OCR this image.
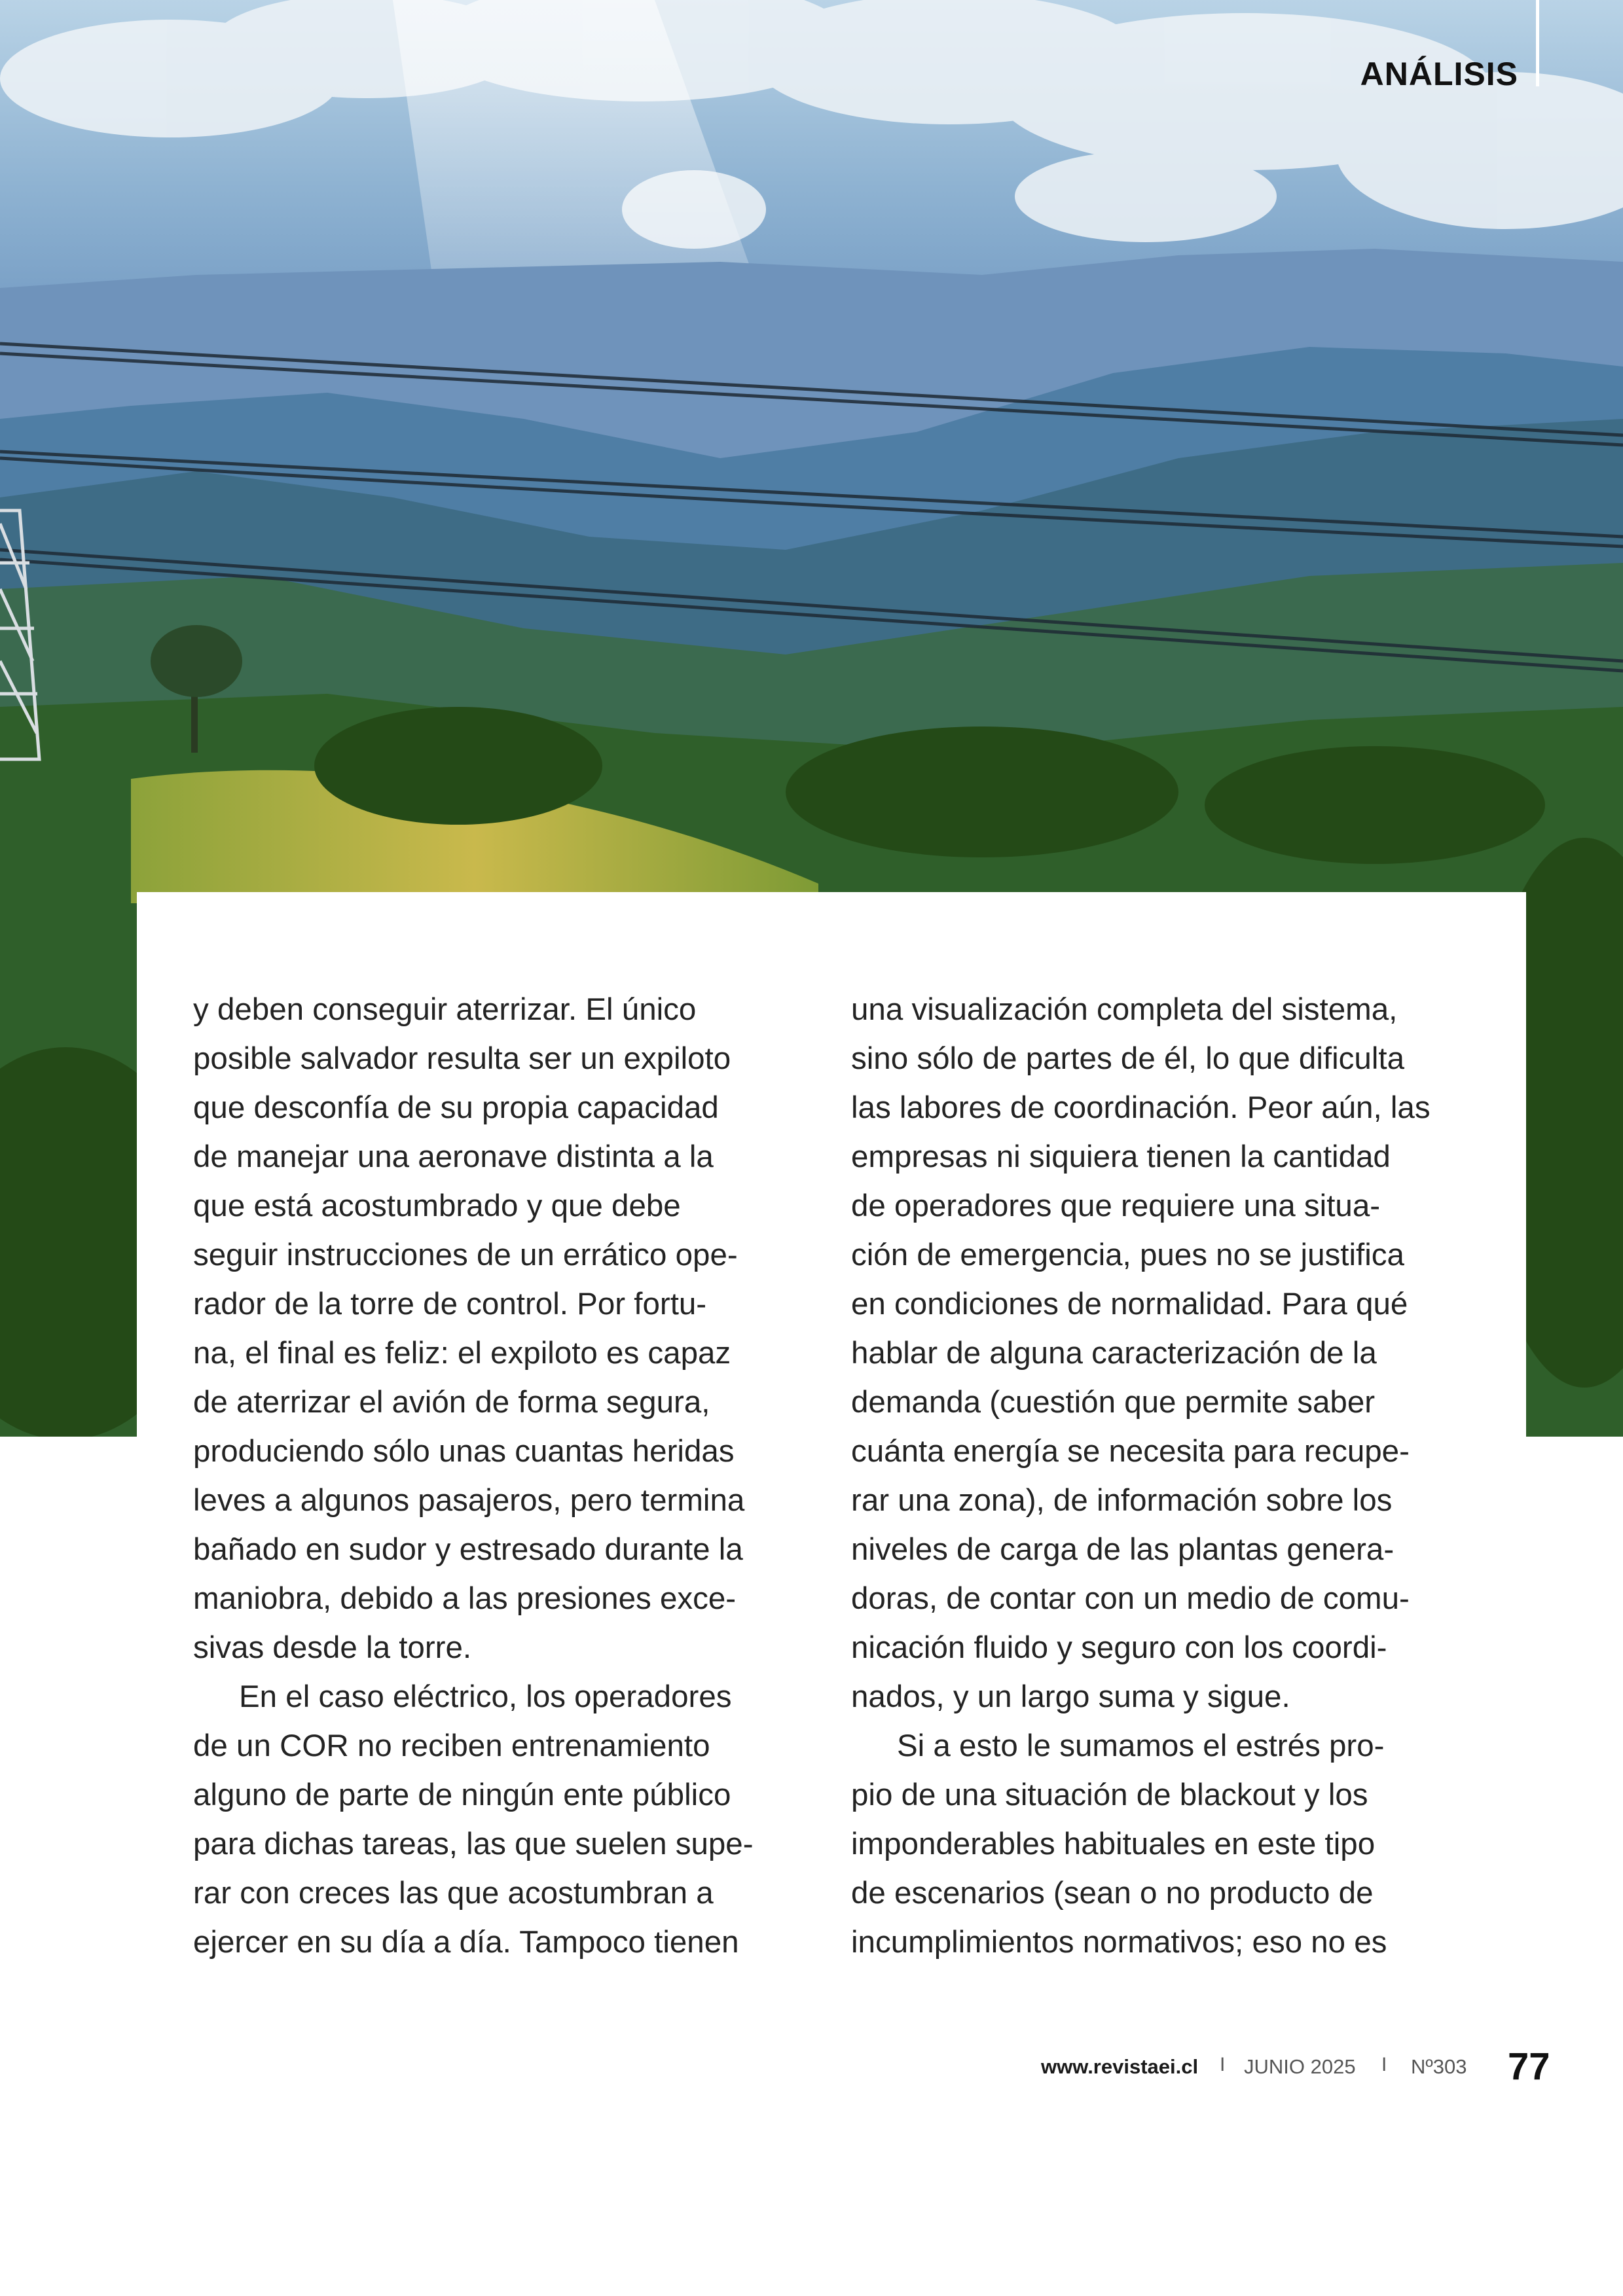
ANÁLISIS
y deben conseguir aterrizar. El único
posible salvador resulta ser un expiloto
que desconfía de su propia capacidad
de manejar una aeronave distinta a la
que está acostumbrado y que debe
seguir instrucciones de un errático ope-
rador de la torre de control. Por fortu-
na, el final es feliz: el expiloto es capaz
de aterrizar el avión de forma segura,
produciendo sólo unas cuantas heridas
leves a algunos pasajeros, pero termina
bañado en sudor y estresado durante la
maniobra, debido a las presiones exce-
sivas desde la torre.
En el caso eléctrico, los operadores
de un COR no reciben entrenamiento
alguno de parte de ningún ente público
para dichas tareas, las que suelen supe-
rar con creces las que acostumbran a
ejercer en su día a día. Tampoco tienen
una visualización completa del sistema,
sino sólo de partes de él, lo que dificulta
las labores de coordinación. Peor aún, las
empresas ni siquiera tienen la cantidad
de operadores que requiere una situa-
ción de emergencia, pues no se justifica
en condiciones de normalidad. Para qué
hablar de alguna caracterización de la
demanda (cuestión que permite saber
cuánta energía se necesita para recupe-
rar una zona), de información sobre los
niveles de carga de las plantas genera-
doras, de contar con un medio de comu-
nicación fluido y seguro con los coordi-
nados, y un largo suma y sigue.
Si a esto le sumamos el estrés pro-
pio de una situación de blackout y los
imponderables habituales en este tipo
de escenarios (sean o no producto de
incumplimientos normativos; eso no es
www.revistaei.cl I JUNIO 2025 I Nº303 77
